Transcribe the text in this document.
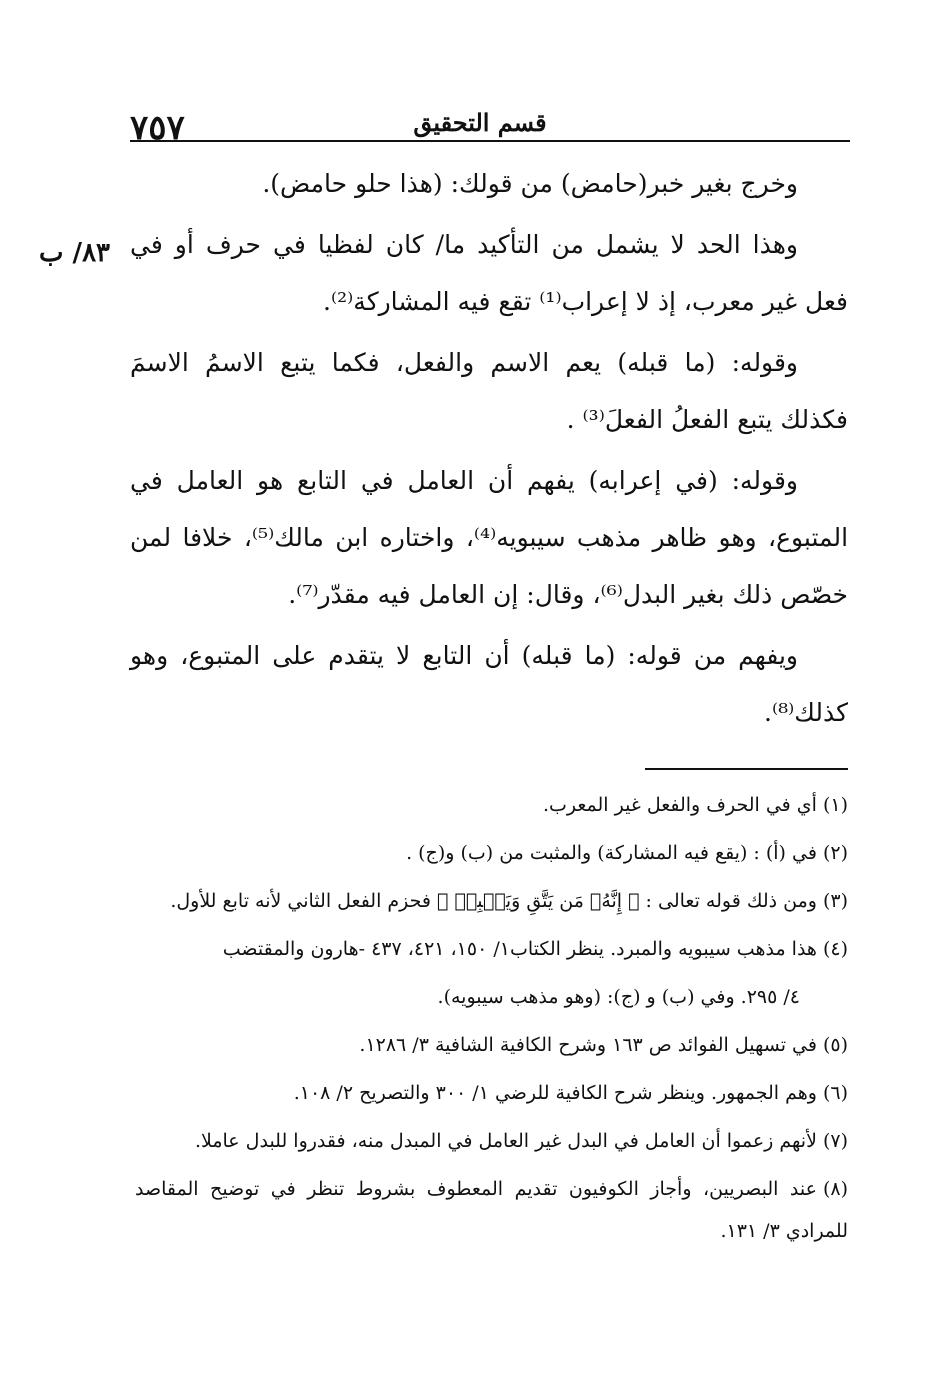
٧٥٧	قسم التحقيق
٨٣/ ب

وخرج بغير خبر(حامض) من قولك: (هذا حلو حامض).

وهذا الحد لا يشمل من التأكيد ما/ كان لفظيا في حرف أو في فعل غير معرب، إذ لا إعراب⁽¹⁾ تقع فيه المشاركة⁽²⁾.

وقوله: (ما قبله) يعم الاسم والفعل، فكما يتبع الاسمُ الاسمَ فكذلك يتبع الفعلُ الفعلَ⁽³⁾ .

وقوله: (في إعرابه) يفهم أن العامل في التابع هو العامل في المتبوع، وهو ظاهر مذهب سيبويه⁽⁴⁾، واختاره ابن مالك⁽⁵⁾، خلافا لمن خصّص ذلك بغير البدل⁽⁶⁾، وقال: إن العامل فيه مقدّر⁽⁷⁾.

ويفهم من قوله: (ما قبله) أن التابع لا يتقدم على المتبوع، وهو كذلك⁽⁸⁾.

(١)أي في الحرف والفعل غير المعرب.

(٢)في (أ) : (يقع فيه المشاركة) والمثبت من (ب) و(ج) .

(٣)ومن ذلك قوله تعالى : ﴿ إِنَّهُۥ مَن يَتَّقِ وَيَصۡبِرۡ ﴾ فحزم الفعل الثاني لأنه تابع للأول.

(٤)هذا مذهب سيبويه والمبرد. ينظر الكتاب١/ ١٥٠، ٤٢١، ٤٣٧ -هارون والمقتضب

٤/ ٢٩٥. وفي (ب) و (ج): (وهو مذهب سيبويه).

(٥)في تسهيل الفوائد ص ١٦٣ وشرح الكافية الشافية ٣/ ١٢٨٦.

(٦)وهم الجمهور. وينظر شرح الكافية للرضي ١/ ٣٠٠ والتصريح ٢/ ١٠٨.

(٧)لأنهم زعموا أن العامل في البدل غير العامل في المبدل منه، فقدروا للبدل عاملا.

(٨)عند البصريين، وأجاز الكوفيون تقديم المعطوف بشروط تنظر في توضيح المقاصد للمرادي ٣/ ١٣١.
